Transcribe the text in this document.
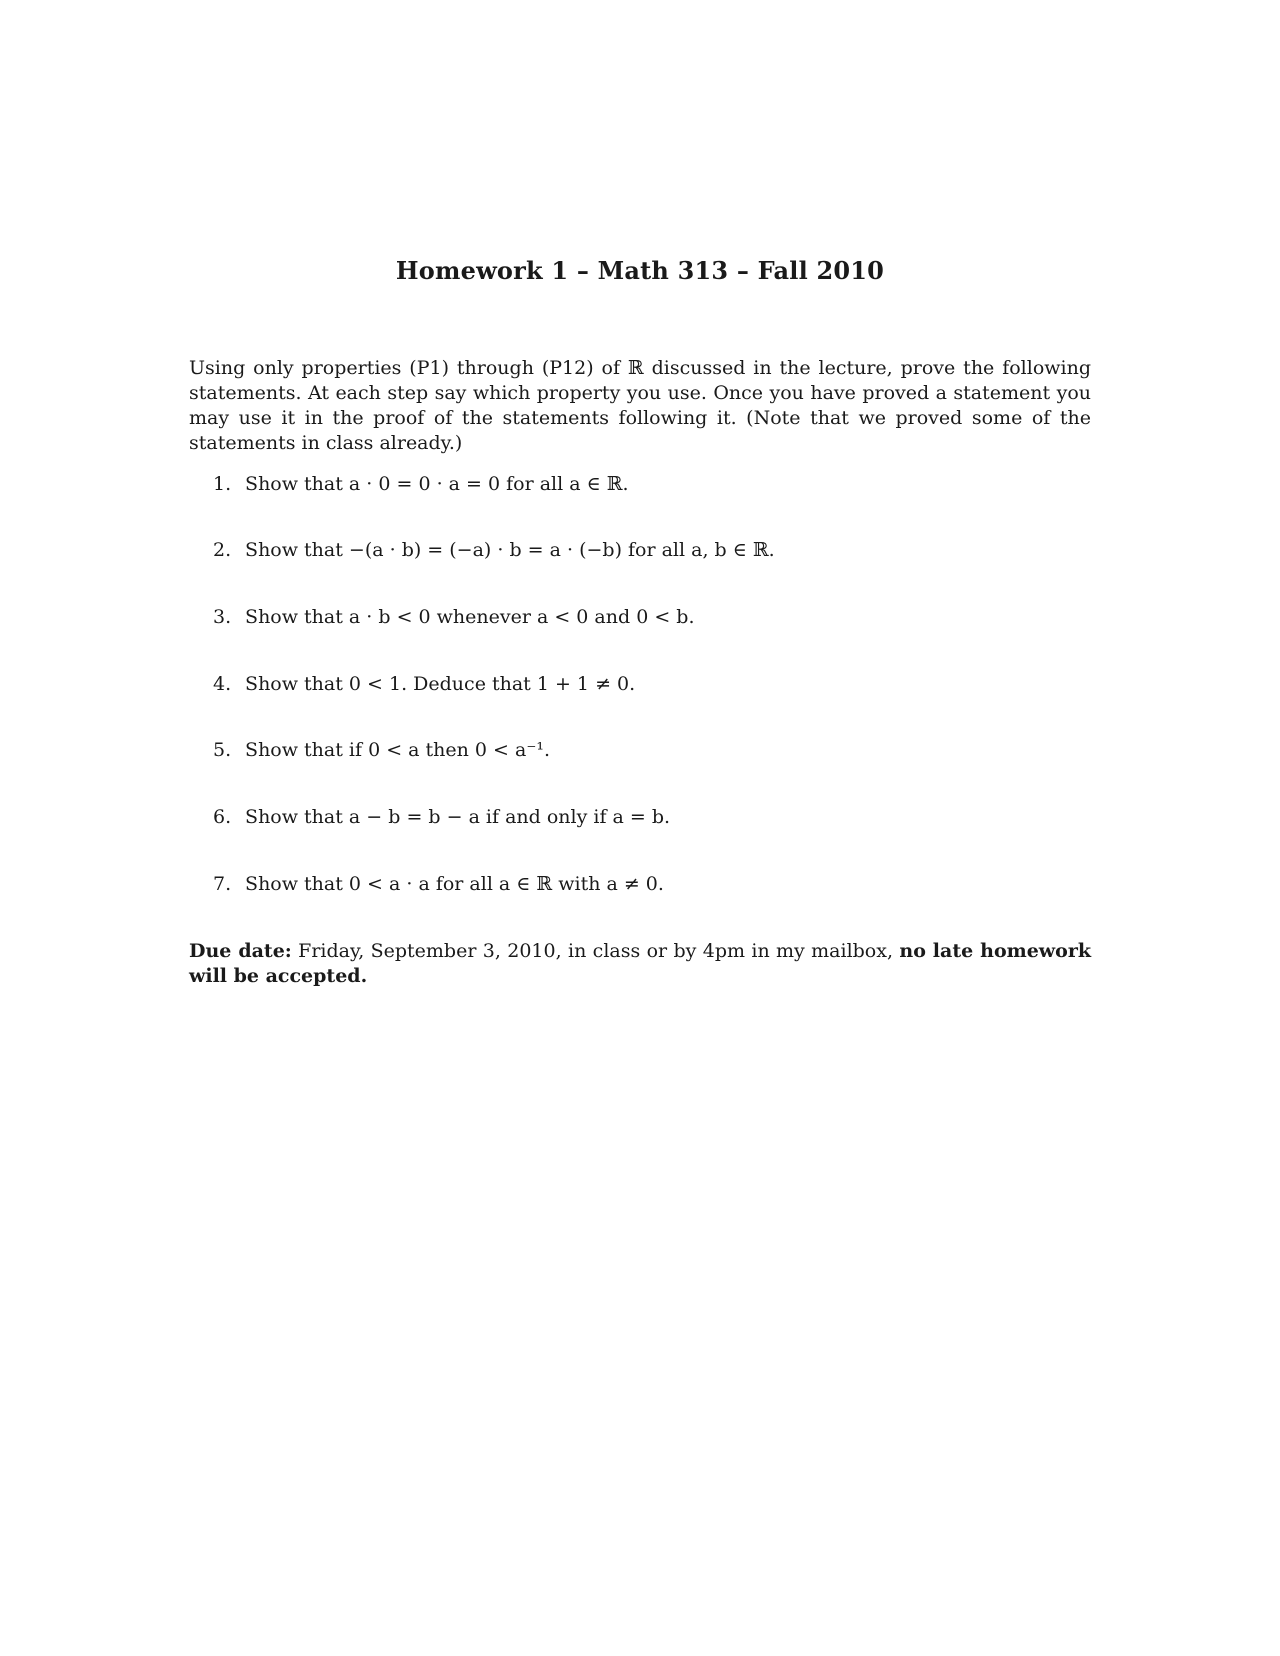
Homework 1 – Math 313 – Fall 2010
Using only properties (P1) through (P12) of ℝ discussed in the lecture, prove the following statements. At each step say which property you use. Once you have proved a statement you may use it in the proof of the statements following it. (Note that we proved some of the statements in class already.)
1. Show that a · 0 = 0 · a = 0 for all a ∈ ℝ.
2. Show that −(a · b) = (−a) · b = a · (−b) for all a, b ∈ ℝ.
3. Show that a · b < 0 whenever a < 0 and 0 < b.
4. Show that 0 < 1. Deduce that 1 + 1 ≠ 0.
5. Show that if 0 < a then 0 < a⁻¹.
6. Show that a − b = b − a if and only if a = b.
7. Show that 0 < a · a for all a ∈ ℝ with a ≠ 0.
Due date: Friday, September 3, 2010, in class or by 4pm in my mailbox, no late homework will be accepted.
